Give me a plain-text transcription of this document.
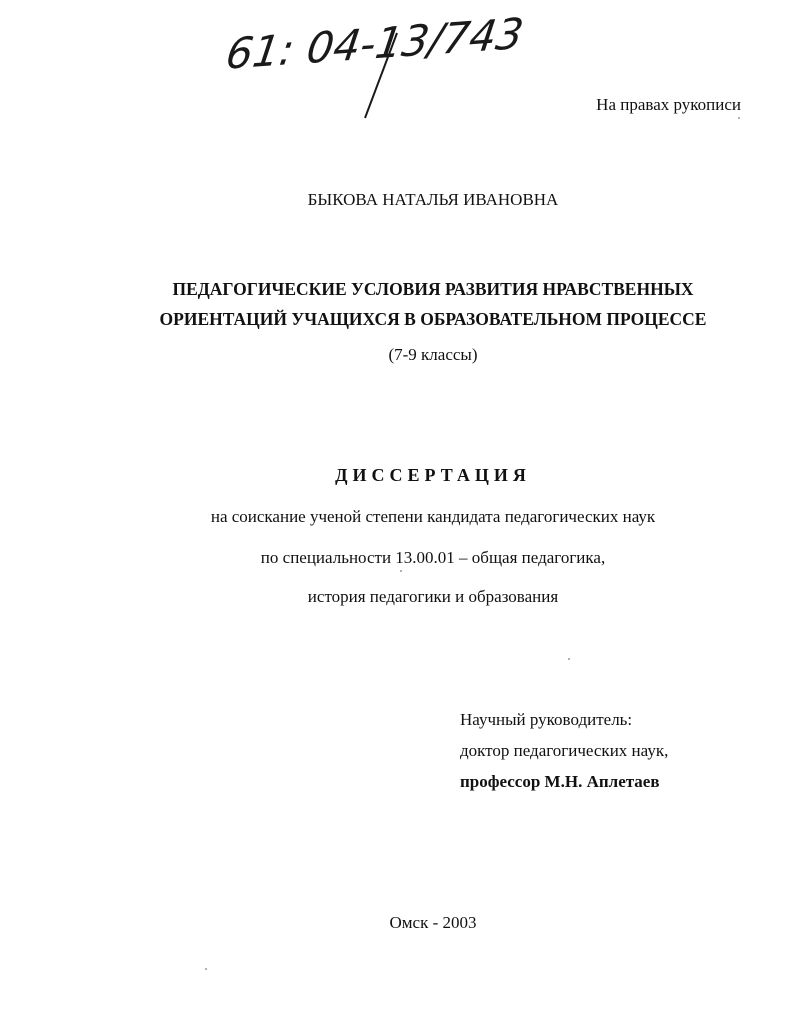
61: 04-13/743
На правах рукописи
БЫКОВА НАТАЛЬЯ ИВАНОВНА
ПЕДАГОГИЧЕСКИЕ УСЛОВИЯ РАЗВИТИЯ НРАВСТВЕННЫХ
ОРИЕНТАЦИЙ УЧАЩИХСЯ В ОБРАЗОВАТЕЛЬНОМ ПРОЦЕССЕ
(7-9 классы)
ДИССЕРТАЦИЯ
на соискание ученой степени кандидата педагогических наук
по специальности 13.00.01 – общая педагогика,
история педагогики и образования
Научный руководитель:
доктор педагогических наук,
профессор М.Н. Аплетаев
Омск - 2003
